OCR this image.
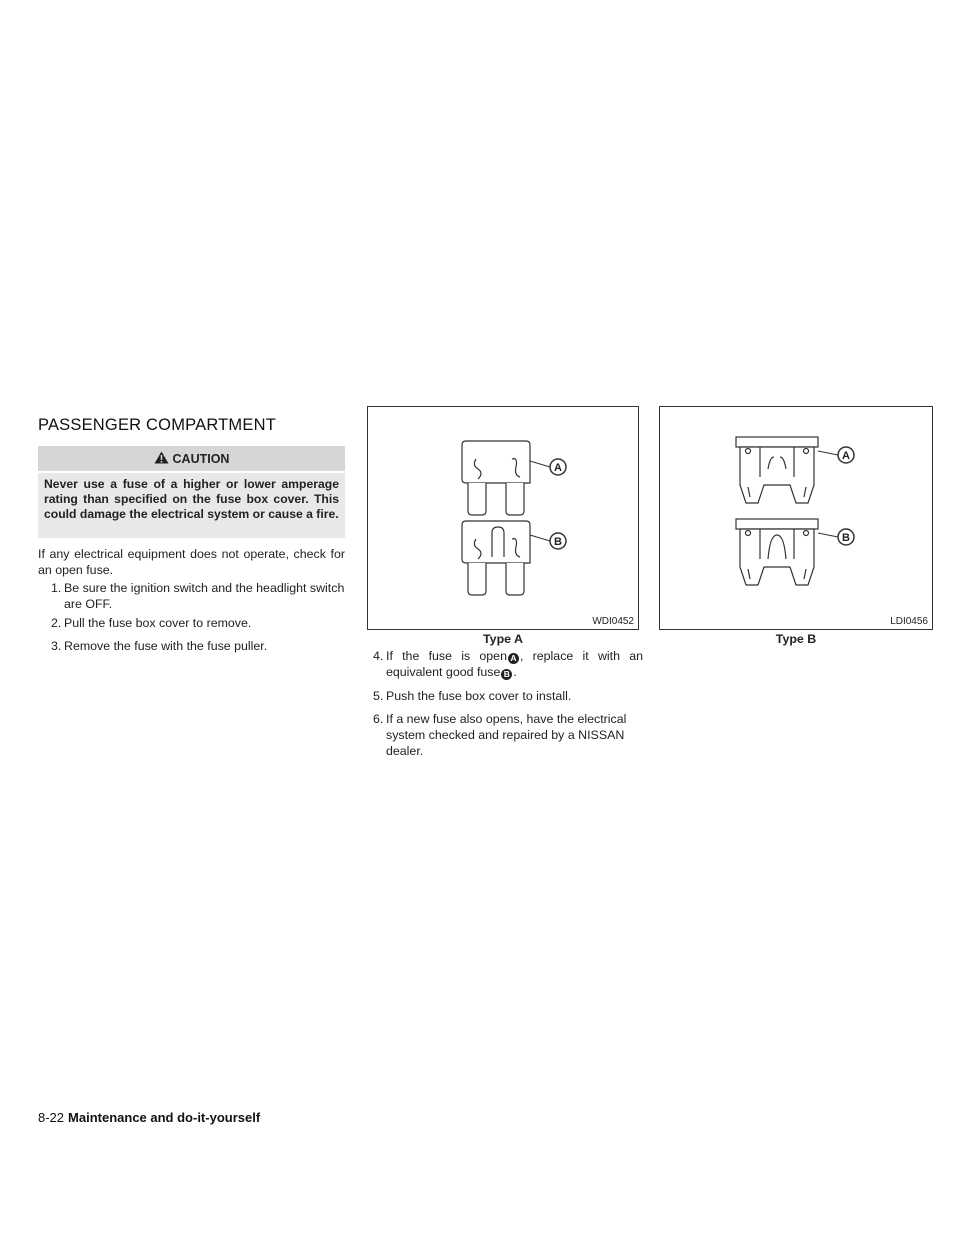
PASSENGER COMPARTMENT
CAUTION
Never use a fuse of a higher or lower amperage rating than specified on the fuse box cover. This could damage the electrical system or cause a fire.
If any electrical equipment does not operate, check for an open fuse.
1. Be sure the ignition switch and the headlight switch are OFF.
2. Pull the fuse box cover to remove.
3. Remove the fuse with the fuse puller.
A
B
WDI0452
Type A
A
B
LDI0456
Type B
4. If the fuse is open A , replace it with an equivalent good fuse B .
5. Push the fuse box cover to install.
6. If a new fuse also opens, have the electrical system checked and repaired by a NISSAN dealer.
8-22 Maintenance and do-it-yourself
